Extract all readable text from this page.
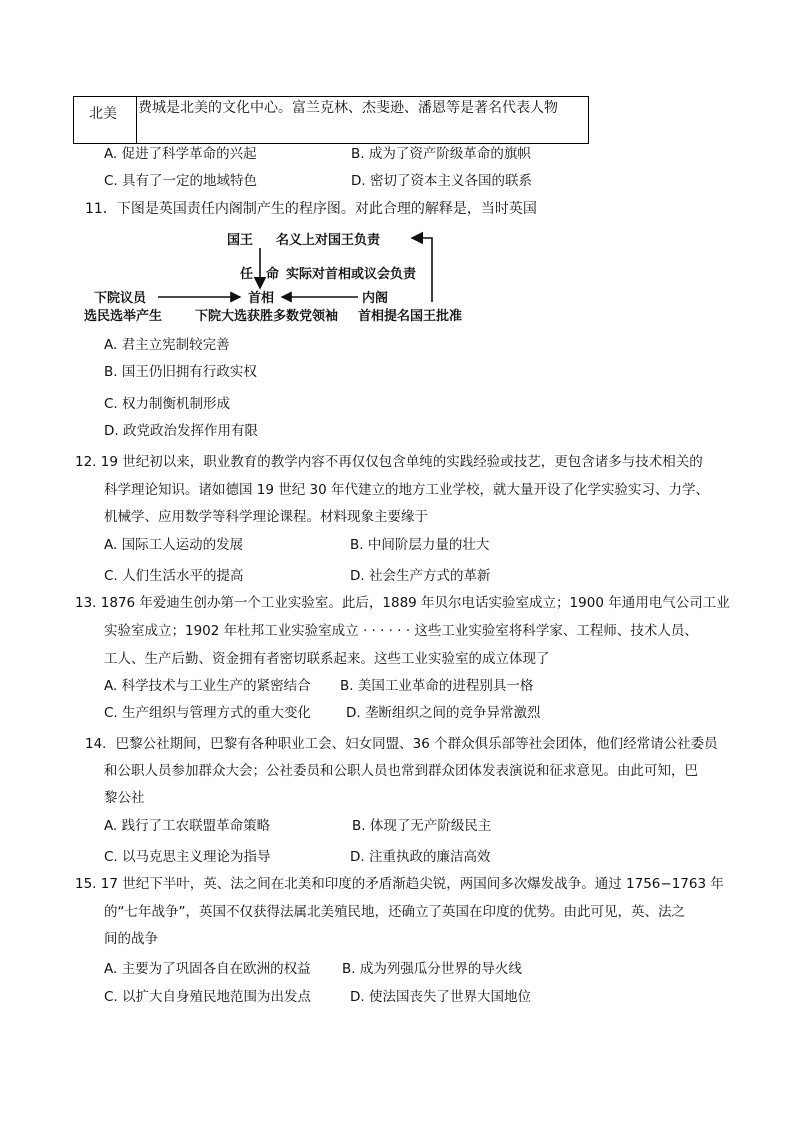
北美	费城是北美的文化中心。富兰克林、杰斐逊、潘恩等是著名代表人物
A. 促进了科学革命的兴起	B. 成为了资产阶级革命的旗帜
C. 具有了一定的地域特色	D. 密切了资本主义各国的联系
11．下图是英国责任内阁制产生的程序图。对此合理的解释是，当时英国
国王 名义上对国王负责
任 命 实际对首相或议会负责
下院议员	首相	内阁
选民选举产生	下院大选获胜多数党领袖 首相提名国王批准
A. 君主立宪制较完善
B. 国王仍旧拥有行政实权
C. 权力制衡机制形成
D. 政党政治发挥作用有限
12. 19 世纪初以来，职业教育的教学内容不再仅仅包含单纯的实践经验或技艺，更包含诸多与技术相关的
科学理论知识。诸如德国 19 世纪 30 年代建立的地方工业学校，就大量开设了化学实验实习、力学、
机械学、应用数学等科学理论课程。材料现象主要缘于
A. 国际工人运动的发展	B. 中间阶层力量的壮大
C. 人们生活水平的提高	D. 社会生产方式的革新
13. 1876 年爱迪生创办第一个工业实验室。此后，1889 年贝尔电话实验室成立；1900 年通用电气公司工业
实验室成立；1902 年杜邦工业实验室成立 · · · · · · 这些工业实验室将科学家、工程师、技术人员、
工人、生产后勤、资金拥有者密切联系起来。这些工业实验室的成立体现了
A. 科学技术与工业生产的紧密结合 B. 美国工业革命的进程别具一格
C. 生产组织与管理方式的重大变化	D. 垄断组织之间的竞争异常激烈
14．巴黎公社期间，巴黎有各种职业工会、妇女同盟、36 个群众俱乐部等社会团体，他们经常请公社委员
和公职人员参加群众大会；公社委员和公职人员也常到群众团体发表演说和征求意见。由此可知，巴
黎公社
A. 践行了工农联盟革命策略	B. 体现了无产阶级民主
C. 以马克思主义理论为指导	D. 注重执政的廉洁高效
15. 17 世纪下半叶，英、法之间在北美和印度的矛盾渐趋尖锐，两国间多次爆发战争。通过 1756−1763 年
的“七年战争”，英国不仅获得法属北美殖民地，还确立了英国在印度的优势。由此可见，英、法之
间的战争
A. 主要为了巩固各自在欧洲的权益 B. 成为列强瓜分世界的导火线
C. 以扩大自身殖民地范围为出发点	D. 使法国丧失了世界大国地位
